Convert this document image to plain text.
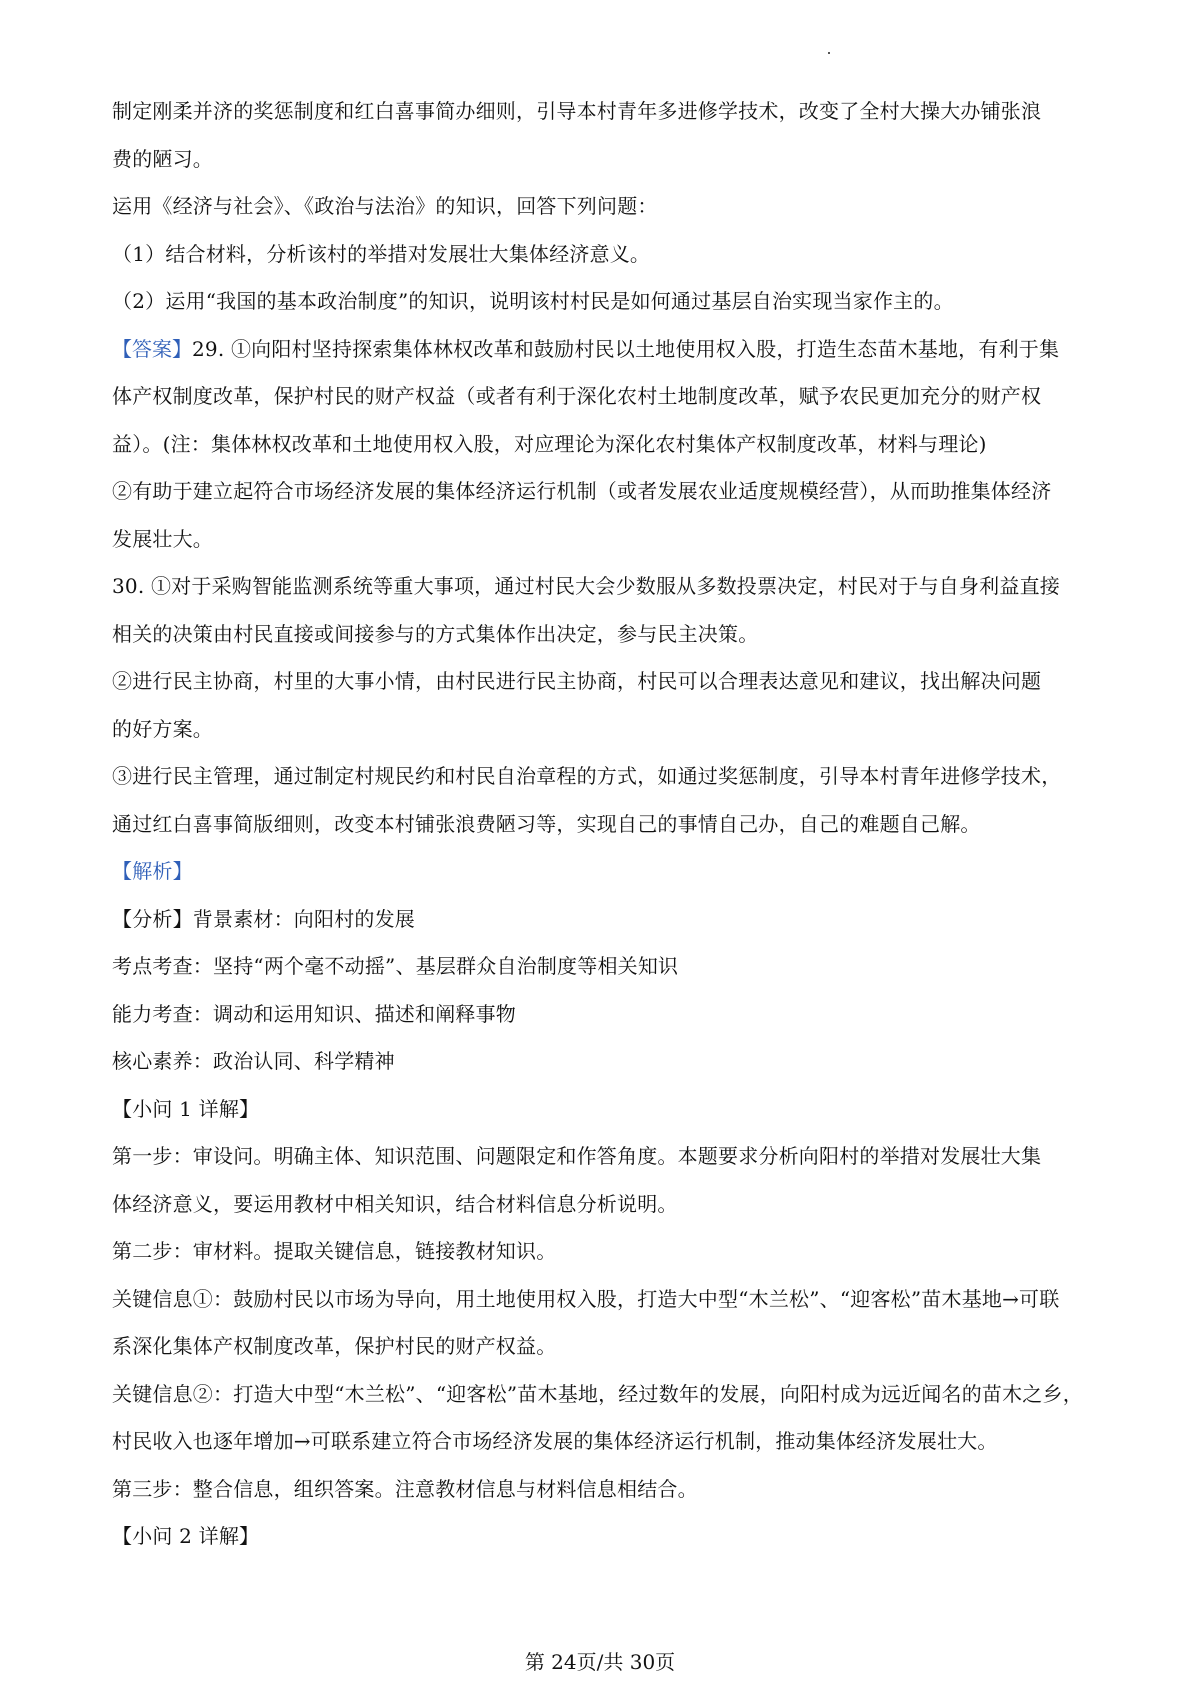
制定刚柔并济的奖惩制度和红白喜事简办细则，引导本村青年多进修学技术，改变了全村大操大办铺张浪
费的陋习。
运用《经济与社会》、《政治与法治》的知识，回答下列问题：
（1）结合材料，分析该村的举措对发展壮大集体经济意义。
（2）运用“我国的基本政治制度”的知识，说明该村村民是如何通过基层自治实现当家作主的。
【答案】29. ①向阳村坚持探索集体林权改革和鼓励村民以土地使用权入股，打造生态苗木基地，有利于集
体产权制度改革，保护村民的财产权益（或者有利于深化农村土地制度改革，赋予农民更加充分的财产权
益）。(注：集体林权改革和土地使用权入股，对应理论为深化农村集体产权制度改革，材料与理论)
②有助于建立起符合市场经济发展的集体经济运行机制（或者发展农业适度规模经营），从而助推集体经济
发展壮大。
30. ①对于采购智能监测系统等重大事项，通过村民大会少数服从多数投票决定，村民对于与自身利益直接
相关的决策由村民直接或间接参与的方式集体作出决定，参与民主决策。
②进行民主协商，村里的大事小情，由村民进行民主协商，村民可以合理表达意见和建议，找出解决问题
的好方案。
③进行民主管理，通过制定村规民约和村民自治章程的方式，如通过奖惩制度，引导本村青年进修学技术，
通过红白喜事简版细则，改变本村铺张浪费陋习等，实现自己的事情自己办，自己的难题自己解。
【解析】
【分析】背景素材：向阳村的发展
考点考查：坚持“两个毫不动摇”、基层群众自治制度等相关知识
能力考查：调动和运用知识、描述和阐释事物
核心素养：政治认同、科学精神
【小问 1 详解】
第一步：审设问。明确主体、知识范围、问题限定和作答角度。本题要求分析向阳村的举措对发展壮大集
体经济意义，要运用教材中相关知识，结合材料信息分析说明。
第二步：审材料。提取关键信息，链接教材知识。
关键信息①：鼓励村民以市场为导向，用土地使用权入股，打造大中型“木兰松”、“迎客松”苗木基地→可联
系深化集体产权制度改革，保护村民的财产权益。
关键信息②：打造大中型“木兰松”、“迎客松”苗木基地，经过数年的发展，向阳村成为远近闻名的苗木之乡，
村民收入也逐年增加→可联系建立符合市场经济发展的集体经济运行机制，推动集体经济发展壮大。
第三步：整合信息，组织答案。注意教材信息与材料信息相结合。
【小问 2 详解】
第 24页/共 30页
